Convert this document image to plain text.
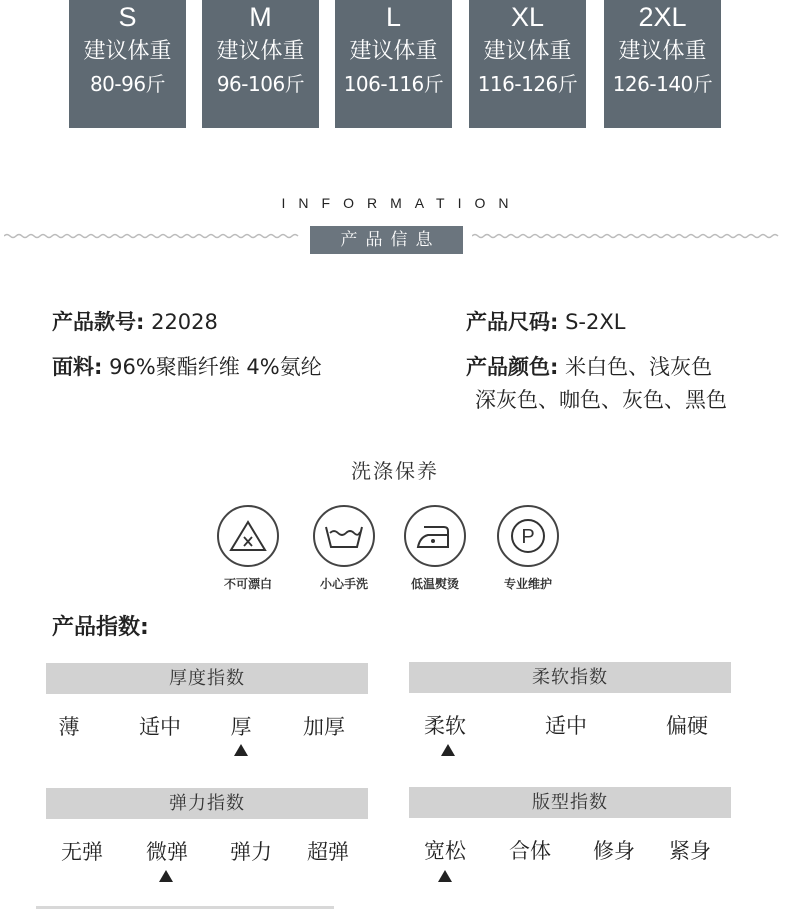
S
建议体重
80-96斤
M
建议体重
96-106斤
L
建议体重
106-116斤
XL
建议体重
116-126斤
2XL
建议体重
126-140斤
INFORMATION
产品信息
产品款号: 22028	产品尺码: S-2XL
面料: 96%聚酯纤维 4%氨纶	产品颜色: 米白色、浅灰色
深灰色、咖色、灰色、黑色
洗涤保养
不可漂白	小心手洗	低温熨烫
P
专业维护
产品指数:
厚度指数
薄	适中 厚 加厚
柔软指数
柔软	适中	偏硬
弹力指数
无弹 微弹 弹力 超弹
版型指数
宽松 合体 修身 紧身
